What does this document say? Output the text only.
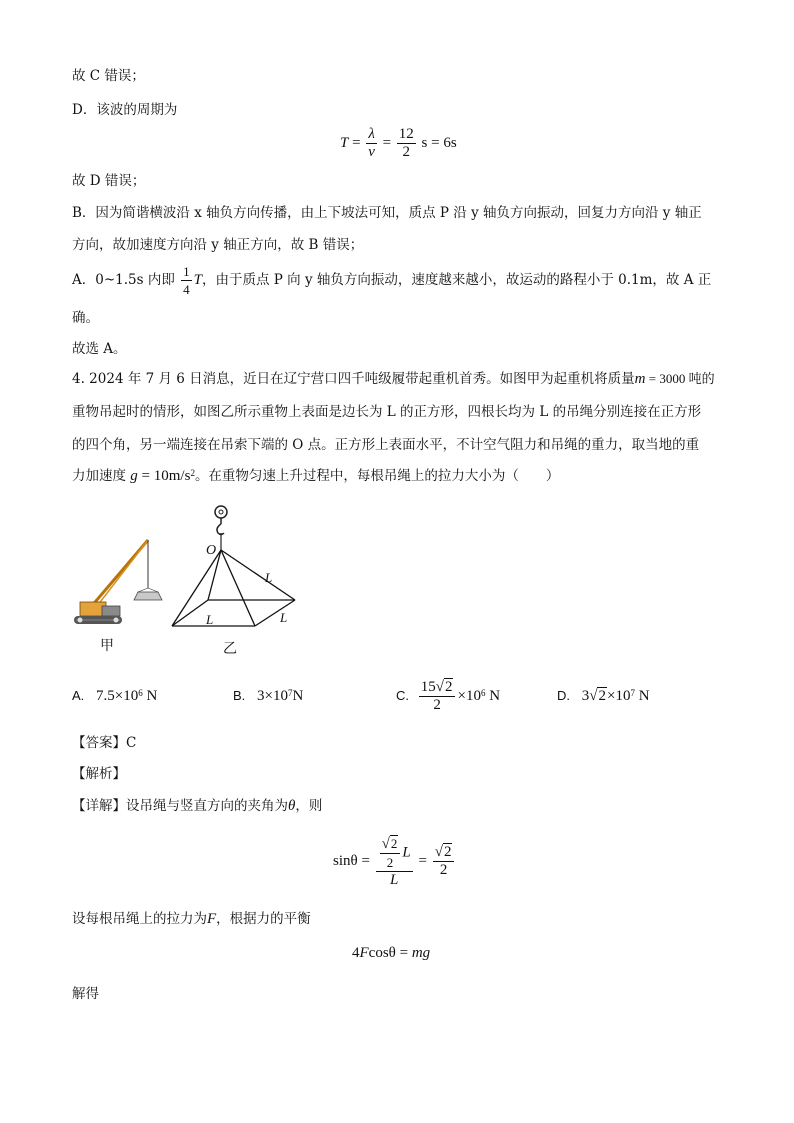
故 C 错误；
D．该波的周期为
$T = \frac{\lambda}{v} = \frac{12}{2}$ s = 6s
故 D 错误；
B．因为简谐横波沿 x 轴负方向传播，由上下坡法可知，质点 P 沿 y 轴负方向振动，回复力方向沿 y 轴正
方向，故加速度方向沿 y 轴正方向，故 B 错误；
A．0~1.5s 内即 $\frac{1}{4}$ T，由于质点 P 向 y 轴负方向振动，速度越来越小，故运动的路程小于 0.1m，故 A 正
确。
故选 A。
4. 2024 年 7 月 6 日消息，近日在辽宁营口四千吨级履带起重机首秀。如图甲为起重机将质量m = 3000 吨的
重物吊起时的情形，如图乙所示重物上表面是边长为 L 的正方形，四根长均为 L 的吊绳分别连接在正方形
的四个角，另一端连接在吊索下端的 O 点。正方形上表面水平，不计空气阻力和吊绳的重力，取当地的重
力加速度 $g = 10m/s^2$。在重物匀速上升过程中，每根吊绳上的拉力大小为（　　）
甲
O
L
L
L
乙
A. $7.5\times 10^6$ N	B. $3\times 10^7N$	C. $\frac{15√2}{2} \times 10^6$ N	D. $3√2\times 10^7$ N
【答案】C
【解析】
【详解】设吊绳与竖直方向的夹角为θ，则
$\sin\theta = \frac{\frac{√2}{2} L}{L} = \frac{√2}{2}$
设每根吊绳上的拉力为F，根据力的平衡
4Fcosθ = mg
解得
